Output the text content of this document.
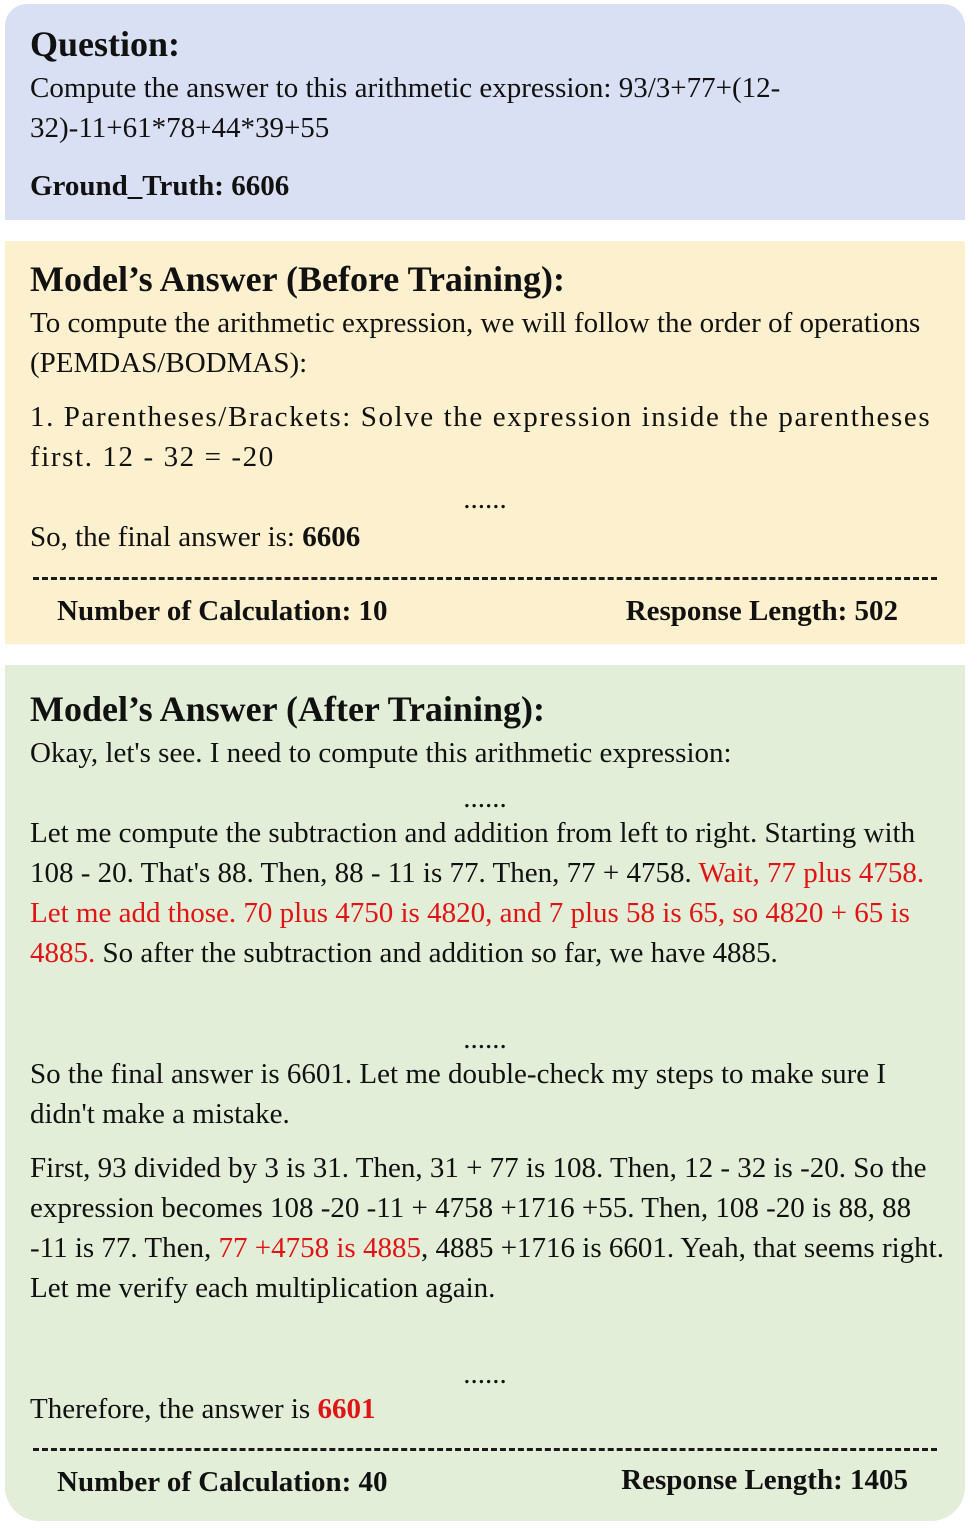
Question:
Compute the answer to this arithmetic expression: 93/3+77+(12-32)-11+61*78+44*39+55
Ground_Truth: 6606
Model’s Answer (Before Training):
To compute the arithmetic expression, we will follow the order of operations (PEMDAS/BODMAS):
1. Parentheses/Brackets: Solve the expression inside the parentheses first. 12 - 32 = -20
......
So, the final answer is: 6606
Number of Calculation: 10	Response Length: 502
Model’s Answer (After Training):
Okay, let's see. I need to compute this arithmetic expression:
......
Let me compute the subtraction and addition from left to right. Starting with 108 - 20. That's 88. Then, 88 - 11 is 77. Then, 77 + 4758. Wait, 77 plus 4758. Let me add those. 70 plus 4750 is 4820, and 7 plus 58 is 65, so 4820 + 65 is 4885. So after the subtraction and addition so far, we have 4885.
......
So the final answer is 6601. Let me double-check my steps to make sure I didn't make a mistake.
First, 93 divided by 3 is 31. Then, 31 + 77 is 108. Then, 12 - 32 is -20. So the expression becomes 108 -20 -11 + 4758 +1716 +55. Then, 108 -20 is 88, 88 -11 is 77. Then, 77 +4758 is 4885, 4885 +1716 is 6601. Yeah, that seems right. Let me verify each multiplication again.
......
Therefore, the answer is 6601
Number of Calculation: 40	Response Length: 1405
